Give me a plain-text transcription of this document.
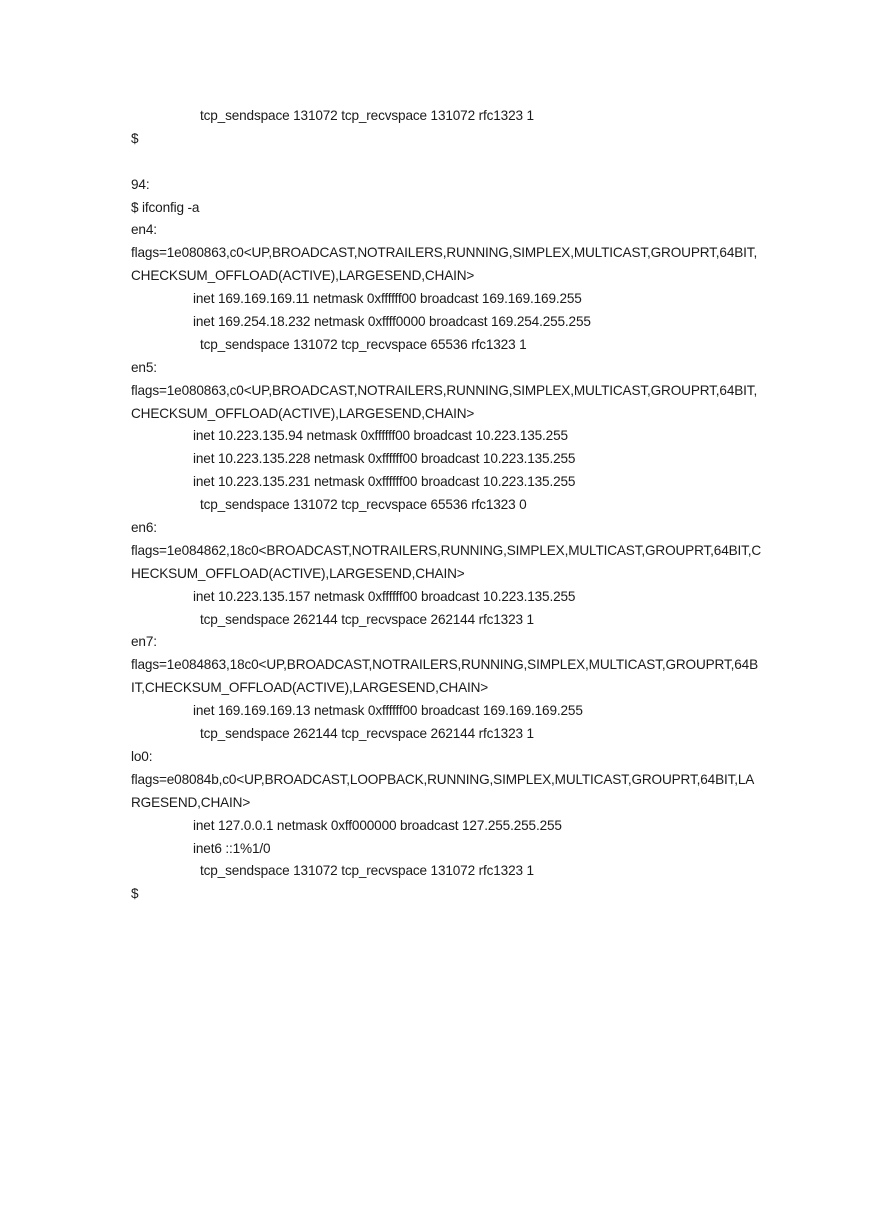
tcp_sendspace 131072 tcp_recvspace 131072 rfc1323 1
$
94:
$ ifconfig -a
en4:
flags=1e080863,c0<UP,BROADCAST,NOTRAILERS,RUNNING,SIMPLEX,MULTICAST,GROUPRT,64BIT,
CHECKSUM_OFFLOAD(ACTIVE),LARGESEND,CHAIN>
inet 169.169.169.11 netmask 0xffffff00 broadcast 169.169.169.255
inet 169.254.18.232 netmask 0xffff0000 broadcast 169.254.255.255
tcp_sendspace 131072 tcp_recvspace 65536 rfc1323 1
en5:
flags=1e080863,c0<UP,BROADCAST,NOTRAILERS,RUNNING,SIMPLEX,MULTICAST,GROUPRT,64BIT,
CHECKSUM_OFFLOAD(ACTIVE),LARGESEND,CHAIN>
inet 10.223.135.94 netmask 0xffffff00 broadcast 10.223.135.255
inet 10.223.135.228 netmask 0xffffff00 broadcast 10.223.135.255
inet 10.223.135.231 netmask 0xffffff00 broadcast 10.223.135.255
tcp_sendspace 131072 tcp_recvspace 65536 rfc1323 0
en6:
flags=1e084862,18c0<BROADCAST,NOTRAILERS,RUNNING,SIMPLEX,MULTICAST,GROUPRT,64BIT,C
HECKSUM_OFFLOAD(ACTIVE),LARGESEND,CHAIN>
inet 10.223.135.157 netmask 0xffffff00 broadcast 10.223.135.255
tcp_sendspace 262144 tcp_recvspace 262144 rfc1323 1
en7:
flags=1e084863,18c0<UP,BROADCAST,NOTRAILERS,RUNNING,SIMPLEX,MULTICAST,GROUPRT,64B
IT,CHECKSUM_OFFLOAD(ACTIVE),LARGESEND,CHAIN>
inet 169.169.169.13 netmask 0xffffff00 broadcast 169.169.169.255
tcp_sendspace 262144 tcp_recvspace 262144 rfc1323 1
lo0:
flags=e08084b,c0<UP,BROADCAST,LOOPBACK,RUNNING,SIMPLEX,MULTICAST,GROUPRT,64BIT,LA
RGESEND,CHAIN>
inet 127.0.0.1 netmask 0xff000000 broadcast 127.255.255.255
inet6 ::1%1/0
tcp_sendspace 131072 tcp_recvspace 131072 rfc1323 1
$
